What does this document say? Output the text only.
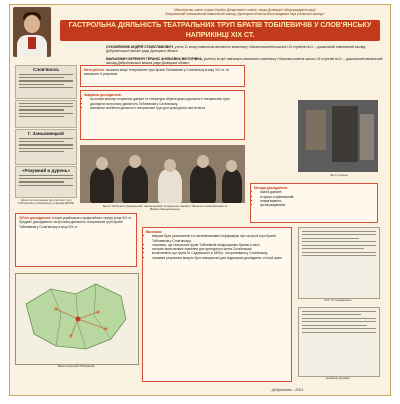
Міністерство освіти і науки України Департамент освіти і науки Донецької облдержадміністрації
Комунальний позашкільний навчальний заклад «Донецька обласна Мала академія наук учнівської молоді»
ГАСТРОЛЬНА ДІЯЛЬНІСТЬ ТЕАТРАЛЬНИХ ТРУП БРАТІВ ТОБІЛЕВИЧІВ У СЛОВ'ЯНСЬКУ НАПРИКІНЦІ XIX СТ.

СУХОМЛИНОВ АНДРІЙ СТАНІСЛАВОВИЧ, учень 11 класу навчально-виховного комплексу «Загальноосвітня школа І-ІІІ ступенів №1» – дошкільний навчальний заклад Добропільської міської ради Донецької області

МАЛЬКОВИЧ КЕРЕННІЧ ТЕРАНІС АНІЛЬЄВНА ВІКТОРІВНА, учитель історії навчально-виховного комплексу «Загальноосвітня школа І-ІІІ ступенів №1» – дошкільний навчальний заклад Добропільської міської ради Донецької області

Слов'янскъ
Г. Заньковецкой
«Розумний и дурень»
Афіші та оголошення про гастролі труп Тобілевичів у Слов'янську (з фондів ДОКМ)
Мета роботи: показати місце театральних труп братів Тобілевичів у Слов'янську в кінці XIX ст. та визначити їх результат.
Завдання дослідження:
• на основі аналізу історичних джерел та літератури зібрати факти діяльності театральних труп;
• дослідити гастрольну діяльність Тобілевичів у Слов'янську;
• визначити значення діяльності театральних труп для культурного життя міста.
Брати Тобілевичі (Садовський, Саксаганський та Карпенко-Карий) з Панасом Саксаганським та Марією Заньковецькою
Фото з музею
Методи дослідження:
• аналіз джерел;
• історико-порівняльний;
• інтерв'ювання;
• фотографування.
Об'єкт дослідження: історія українського професійного театру кінця XIX ст. Предмет дослідження: гастрольна діяльність театральних труп братів Тобілевичів у Слов'янську в кінці XIX ст.
Мапа гастролей Тобілевичів
Висновки:
• вперше було узагальнено та систематизовано інформацію про гастролі труп братів Тобілевичів у Слов'янську;
• з'ясовано, що театральні трупи Тобілевичів неодноразово бували у місті;
• гастролі мали велике значення для культурного життя Слов'янська;
• встановлено, що трупа М. Садовського в 1899 р. гастролювала у Слов'янську;
• отримані результати можуть бути використані для подальших досліджень з історії краю.
Лист М. Садовського
Архівний документ
Добропілля – 2021
